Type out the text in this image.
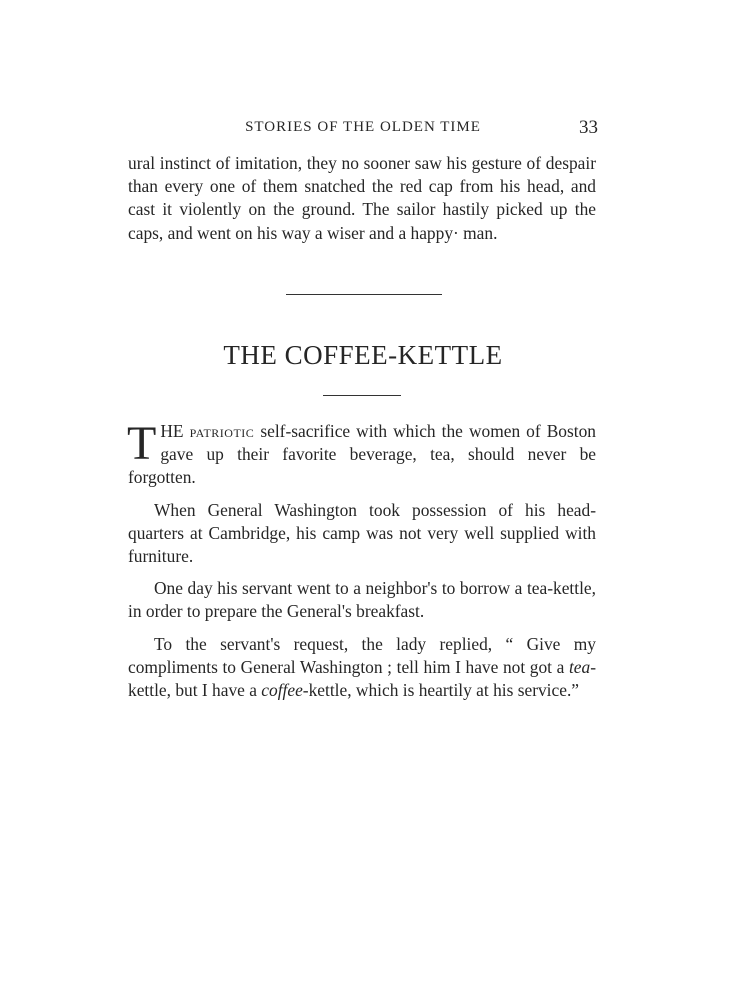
STORIES OF THE OLDEN TIME	33

ural instinct of imitation, they no sooner saw his gesture of despair than every one of them snatched the red cap from his head, and cast it violently on the ground. The sailor hastily picked up the caps, and went on his way a wiser and a happy· man.

THE COFFEE-KETTLE

THE patriotic self-sacrifice with which the women of Boston gave up their favorite beverage, tea, should never be forgotten.

When General Washington took possession of his head-quarters at Cambridge, his camp was not very well supplied with furniture.

One day his servant went to a neighbor's to borrow a tea-kettle, in order to prepare the General's breakfast.

To the servant's request, the lady replied, “ Give my compliments to General Washington ; tell him I have not got a tea-kettle, but I have a coffee-kettle, which is heartily at his service.”
